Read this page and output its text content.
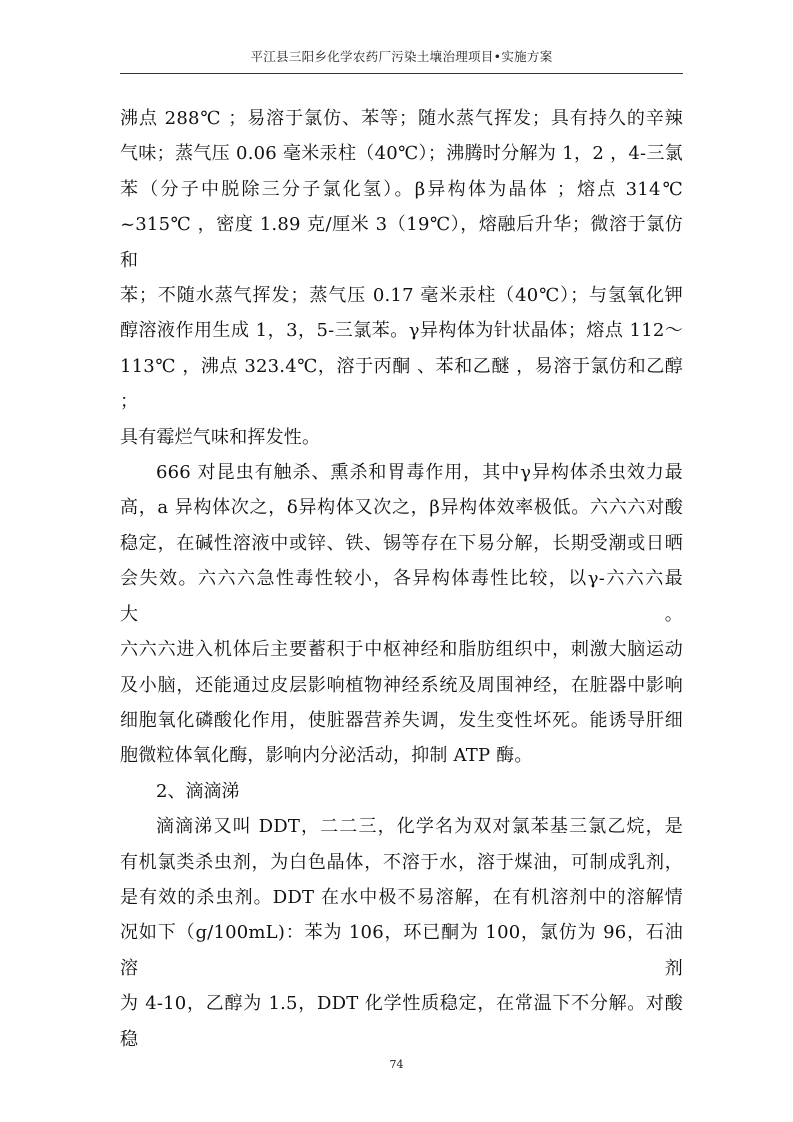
平江县三阳乡化学农药厂污染土壤治理项目•实施方案

沸点 288℃ ；易溶于氯仿、苯等；随水蒸气挥发；具有持久的辛辣

气味；蒸气压 0.06 毫米汞柱（40℃）；沸腾时分解为 1，2 ，4-三氯

苯（分子中脱除三分子氯化氢）。β异构体为晶体 ；熔点 314℃

~315℃ ，密度 1.89 克/厘米 3（19℃），熔融后升华；微溶于氯仿和

苯；不随水蒸气挥发；蒸气压 0.17 毫米汞柱（40℃）；与氢氧化钾

醇溶液作用生成 1，3，5-三氯苯。γ异构体为针状晶体；熔点 112～

113℃ ，沸点 323.4℃，溶于丙酮 、苯和乙醚 ，易溶于氯仿和乙醇 ；

具有霉烂气味和挥发性。

666 对昆虫有触杀、熏杀和胃毒作用，其中γ异构体杀虫效力最

高，a 异构体次之，δ异构体又次之，β异构体效率极低。六六六对酸

稳定，在碱性溶液中或锌、铁、锡等存在下易分解，长期受潮或日晒

会失效。六六六急性毒性较小，各异构体毒性比较，以γ-六六六最大。

六六六进入机体后主要蓄积于中枢神经和脂肪组织中，刺激大脑运动

及小脑，还能通过皮层影响植物神经系统及周围神经，在脏器中影响

细胞氧化磷酸化作用，使脏器营养失调，发生变性坏死。能诱导肝细

胞微粒体氧化酶，影响内分泌活动，抑制 ATP 酶。

2、滴滴涕

滴滴涕又叫 DDT，二二三，化学名为双对氯苯基三氯乙烷，是

有机氯类杀虫剂，为白色晶体，不溶于水，溶于煤油，可制成乳剂，

是有效的杀虫剂。DDT 在水中极不易溶解，在有机溶剂中的溶解情

况如下（g/100mL)：苯为 106，环已酮为 100，氯仿为 96，石油溶剂

为 4-10，乙醇为 1.5，DDT 化学性质稳定，在常温下不分解。对酸稳

74
